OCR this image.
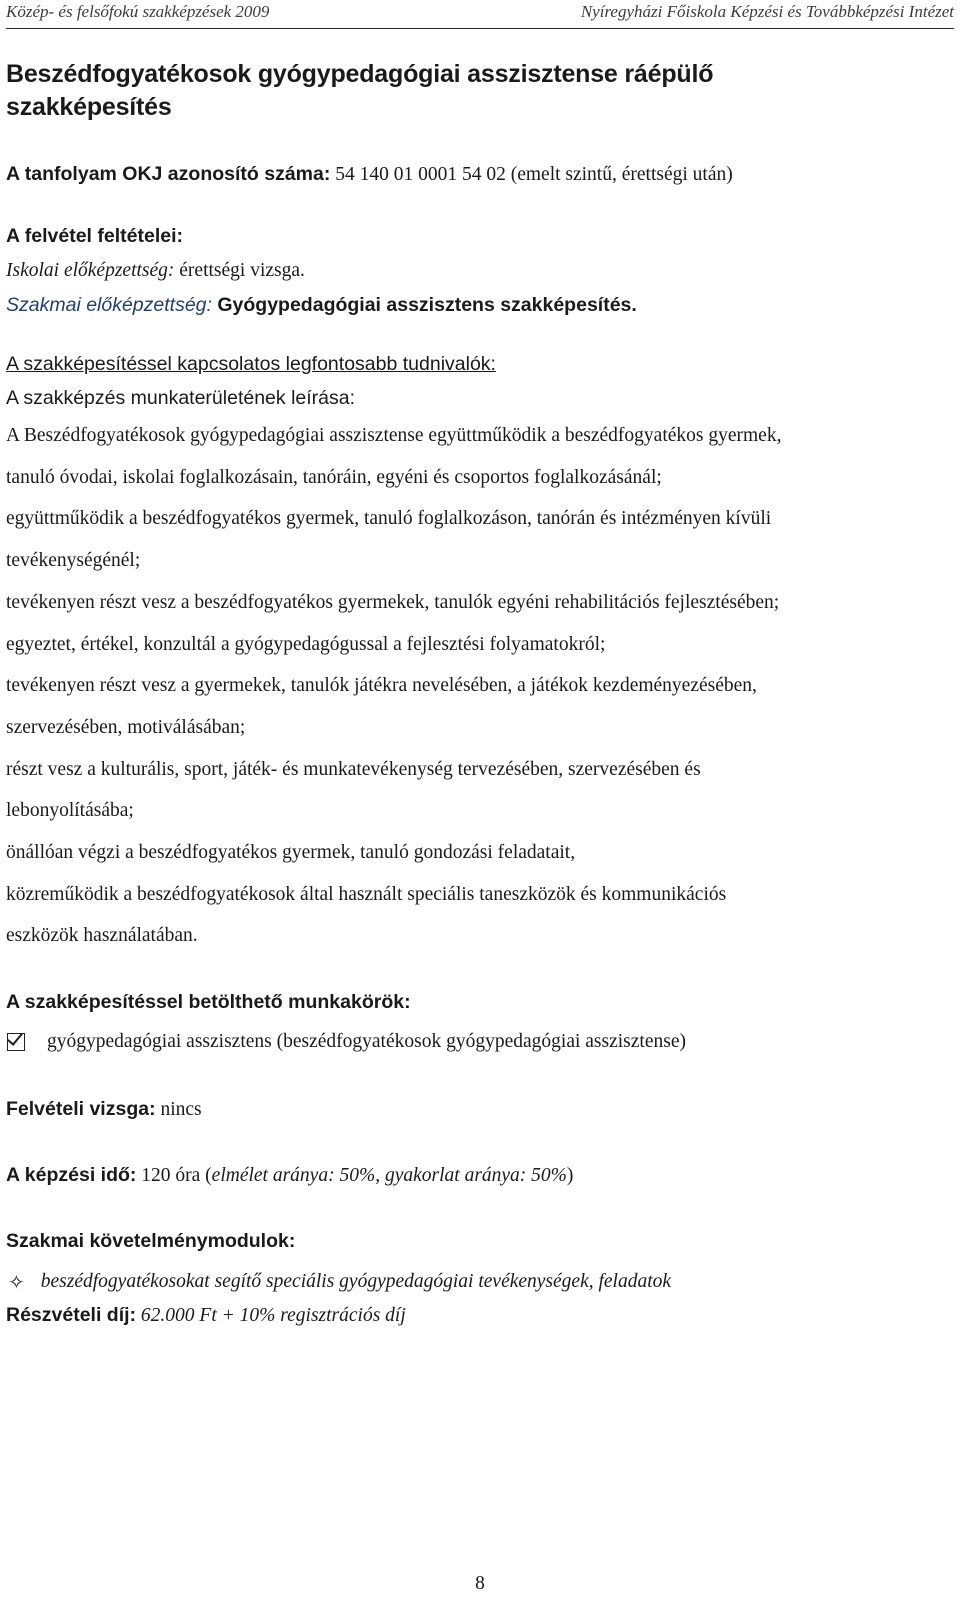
Közép- és felsőfokú szakképzések 2009	Nyíregyházi Főiskola Képzési és Továbbképzési Intézet
Beszédfogyatékosok gyógypedagógiai asszisztense ráépülő
szakképesítés
A tanfolyam OKJ azonosító száma: 54 140 01 0001 54 02 (emelt szintű, érettségi után)
A felvétel feltételei:
Iskolai előképzettség: érettségi vizsga.
Szakmai előképzettség: Gyógypedagógiai asszisztens szakképesítés.
A szakképesítéssel kapcsolatos legfontosabb tudnivalók:
A szakképzés munkaterületének leírása:

A Beszédfogyatékosok gyógypedagógiai asszisztense együttműködik a beszédfogyatékos gyermek,
tanuló óvodai, iskolai foglalkozásain, tanóráin, egyéni és csoportos foglalkozásánál;

együttműködik a beszédfogyatékos gyermek, tanuló foglalkozáson, tanórán és intézményen kívüli
tevékenységénél;

tevékenyen részt vesz a beszédfogyatékos gyermekek, tanulók egyéni rehabilitációs fejlesztésében;

egyeztet, értékel, konzultál a gyógypedagógussal a fejlesztési folyamatokról;

tevékenyen részt vesz a gyermekek, tanulók játékra nevelésében, a játékok kezdeményezésében,
szervezésében, motiválásában;

részt vesz a kulturális, sport, játék- és munkatevékenység tervezésében, szervezésében és
lebonyolításába;

önállóan végzi a beszédfogyatékos gyermek, tanuló gondozási feladatait,

közreműködik a beszédfogyatékosok által használt speciális taneszközök és kommunikációs
eszközök használatában.

A szakképesítéssel betölthető munkakörök:
gyógypedagógiai asszisztens (beszédfogyatékosok gyógypedagógiai asszisztense)
Felvételi vizsga: nincs
A képzési idő: 120 óra (elmélet aránya: 50%, gyakorlat aránya: 50%)
Szakmai követelménymodulok:
✧ beszédfogyatékosokat segítő speciális gyógypedagógiai tevékenységek, feladatok
Részvételi díj: 62.000 Ft + 10% regisztrációs díj
8
